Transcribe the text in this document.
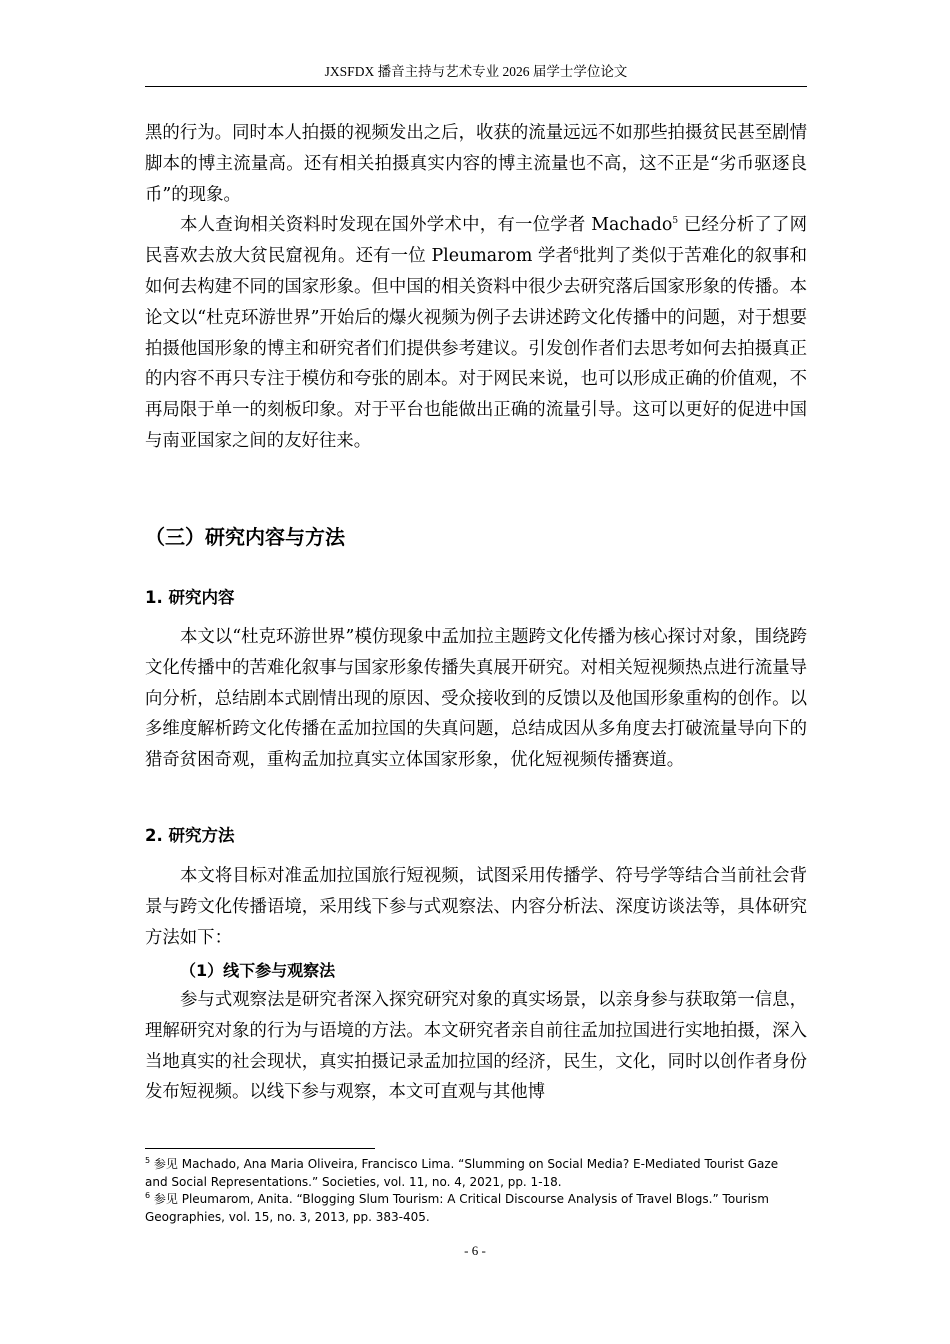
JXSFDX 播音主持与艺术专业 2026 届学士学位论文

黑的行为。同时本人拍摄的视频发出之后，收获的流量远远不如那些拍摄贫民甚至剧情脚本的博主流量高。还有相关拍摄真实内容的博主流量也不高，这不正是“劣币驱逐良币”的现象。

本人查询相关资料时发现在国外学术中，有一位学者 Machado$^5$ 已经分析了了网民喜欢去放大贫民窟视角。还有一位 Pleumarom 学者$^6$批判了类似于苦难化的叙事和如何去构建不同的国家形象。但中国的相关资料中很少去研究落后国家形象的传播。本论文以“杜克环游世界”开始后的爆火视频为例子去讲述跨文化传播中的问题，对于想要拍摄他国形象的博主和研究者们们提供参考建议。引发创作者们去思考如何去拍摄真正的内容不再只专注于模仿和夸张的剧本。对于网民来说，也可以形成正确的价值观，不再局限于单一的刻板印象。对于平台也能做出正确的流量引导。这可以更好的促进中国与南亚国家之间的友好往来。

（三）研究内容与方法
1. 研究内容

本文以“杜克环游世界”模仿现象中孟加拉主题跨文化传播为核心探讨对象，围绕跨文化传播中的苦难化叙事与国家形象传播失真展开研究。对相关短视频热点进行流量导向分析，总结剧本式剧情出现的原因、受众接收到的反馈以及他国形象重构的创作。以多维度解析跨文化传播在孟加拉国的失真问题，总结成因从多角度去打破流量导向下的猎奇贫困奇观，重构孟加拉真实立体国家形象，优化短视频传播赛道。

2. 研究方法

本文将目标对准孟加拉国旅行短视频，试图采用传播学、符号学等结合当前社会背景与跨文化传播语境，采用线下参与式观察法、内容分析法、深度访谈法等，具体研究方法如下：

（1）线下参与观察法

参与式观察法是研究者深入探究研究对象的真实场景，以亲身参与获取第一信息，理解研究对象的行为与语境的方法。本文研究者亲自前往孟加拉国进行实地拍摄，深入当地真实的社会现状，真实拍摄记录孟加拉国的经济，民生，文化，同时以创作者身份发布短视频。以线下参与观察，本文可直观与其他博

$^5$ 参见 Machado, Ana Maria Oliveira, Francisco Lima. “Slumming on Social Media? E-Mediated Tourist Gaze and Social Representations.” Societies, vol. 11, no. 4, 2021, pp. 1-18.

$^6$ 参见 Pleumarom, Anita. “Blogging Slum Tourism: A Critical Discourse Analysis of Travel Blogs.” Tourism Geographies, vol. 15, no. 3, 2013, pp. 383-405.

- 6 -
